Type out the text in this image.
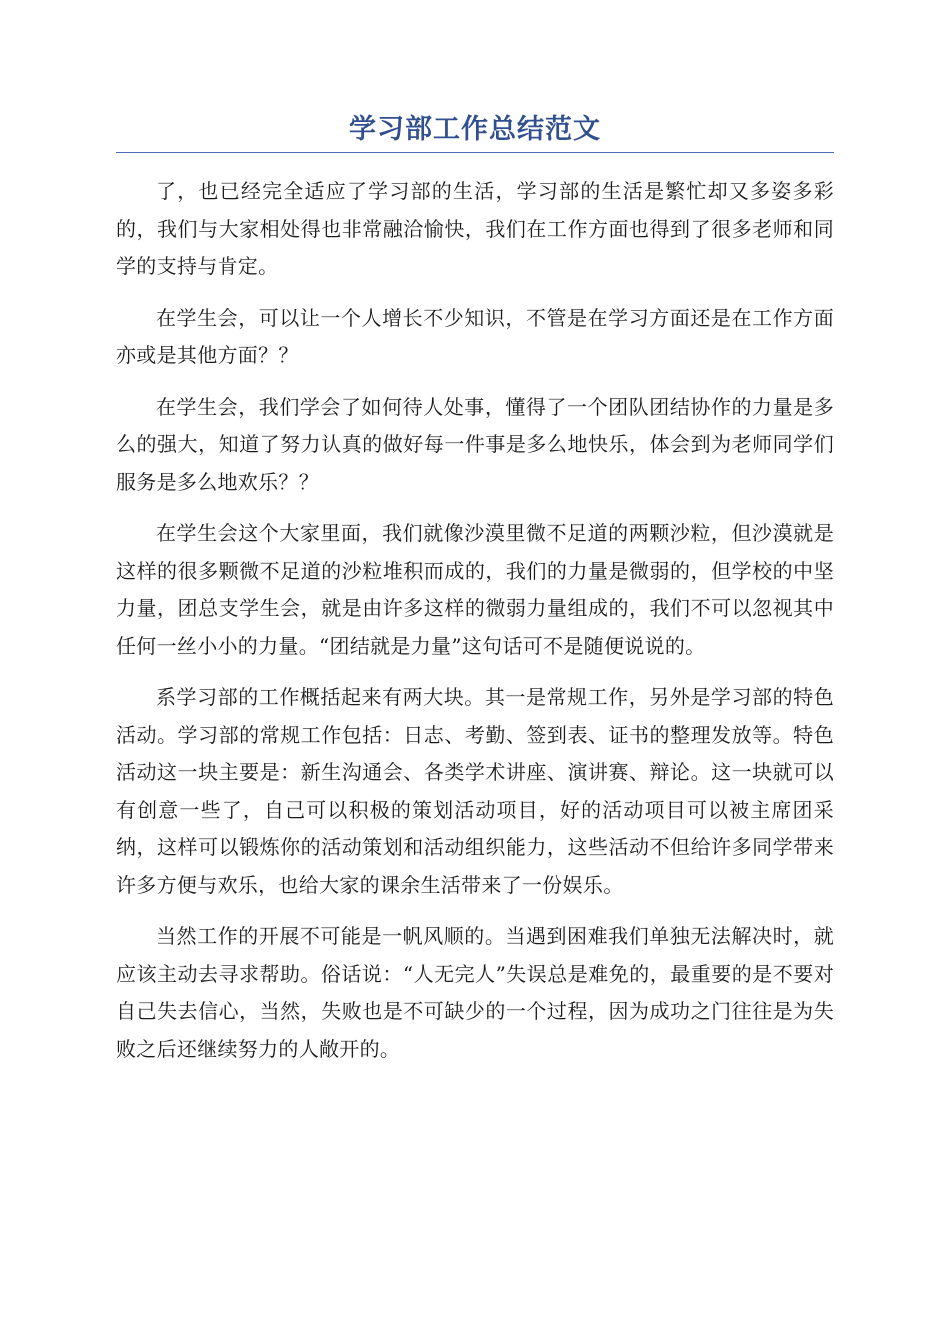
学习部工作总结范文

了，也已经完全适应了学习部的生活，学习部的生活是繁忙却又多姿多彩的，我们与大家相处得也非常融洽愉快，我们在工作方面也得到了很多老师和同学的支持与肯定。

在学生会，可以让一个人增长不少知识，不管是在学习方面还是在工作方面亦或是其他方面？？

在学生会，我们学会了如何待人处事，懂得了一个团队团结协作的力量是多么的强大，知道了努力认真的做好每一件事是多么地快乐，体会到为老师同学们服务是多么地欢乐？？

在学生会这个大家里面，我们就像沙漠里微不足道的两颗沙粒，但沙漠就是这样的很多颗微不足道的沙粒堆积而成的，我们的力量是微弱的，但学校的中坚力量，团总支学生会，就是由许多这样的微弱力量组成的，我们不可以忽视其中任何一丝小小的力量。“团结就是力量”这句话可不是随便说说的。

系学习部的工作概括起来有两大块。其一是常规工作，另外是学习部的特色活动。学习部的常规工作包括：日志、考勤、签到表、证书的整理发放等。特色活动这一块主要是：新生沟通会、各类学术讲座、演讲赛、辩论。这一块就可以有创意一些了，自己可以积极的策划活动项目，好的活动项目可以被主席团采纳，这样可以锻炼你的活动策划和活动组织能力，这些活动不但给许多同学带来许多方便与欢乐，也给大家的课余生活带来了一份娱乐。

当然工作的开展不可能是一帆风顺的。当遇到困难我们单独无法解决时，就应该主动去寻求帮助。俗话说：“人无完人”失误总是难免的，最重要的是不要对自己失去信心，当然，失败也是不可缺少的一个过程，因为成功之门往往是为失败之后还继续努力的人敞开的。
